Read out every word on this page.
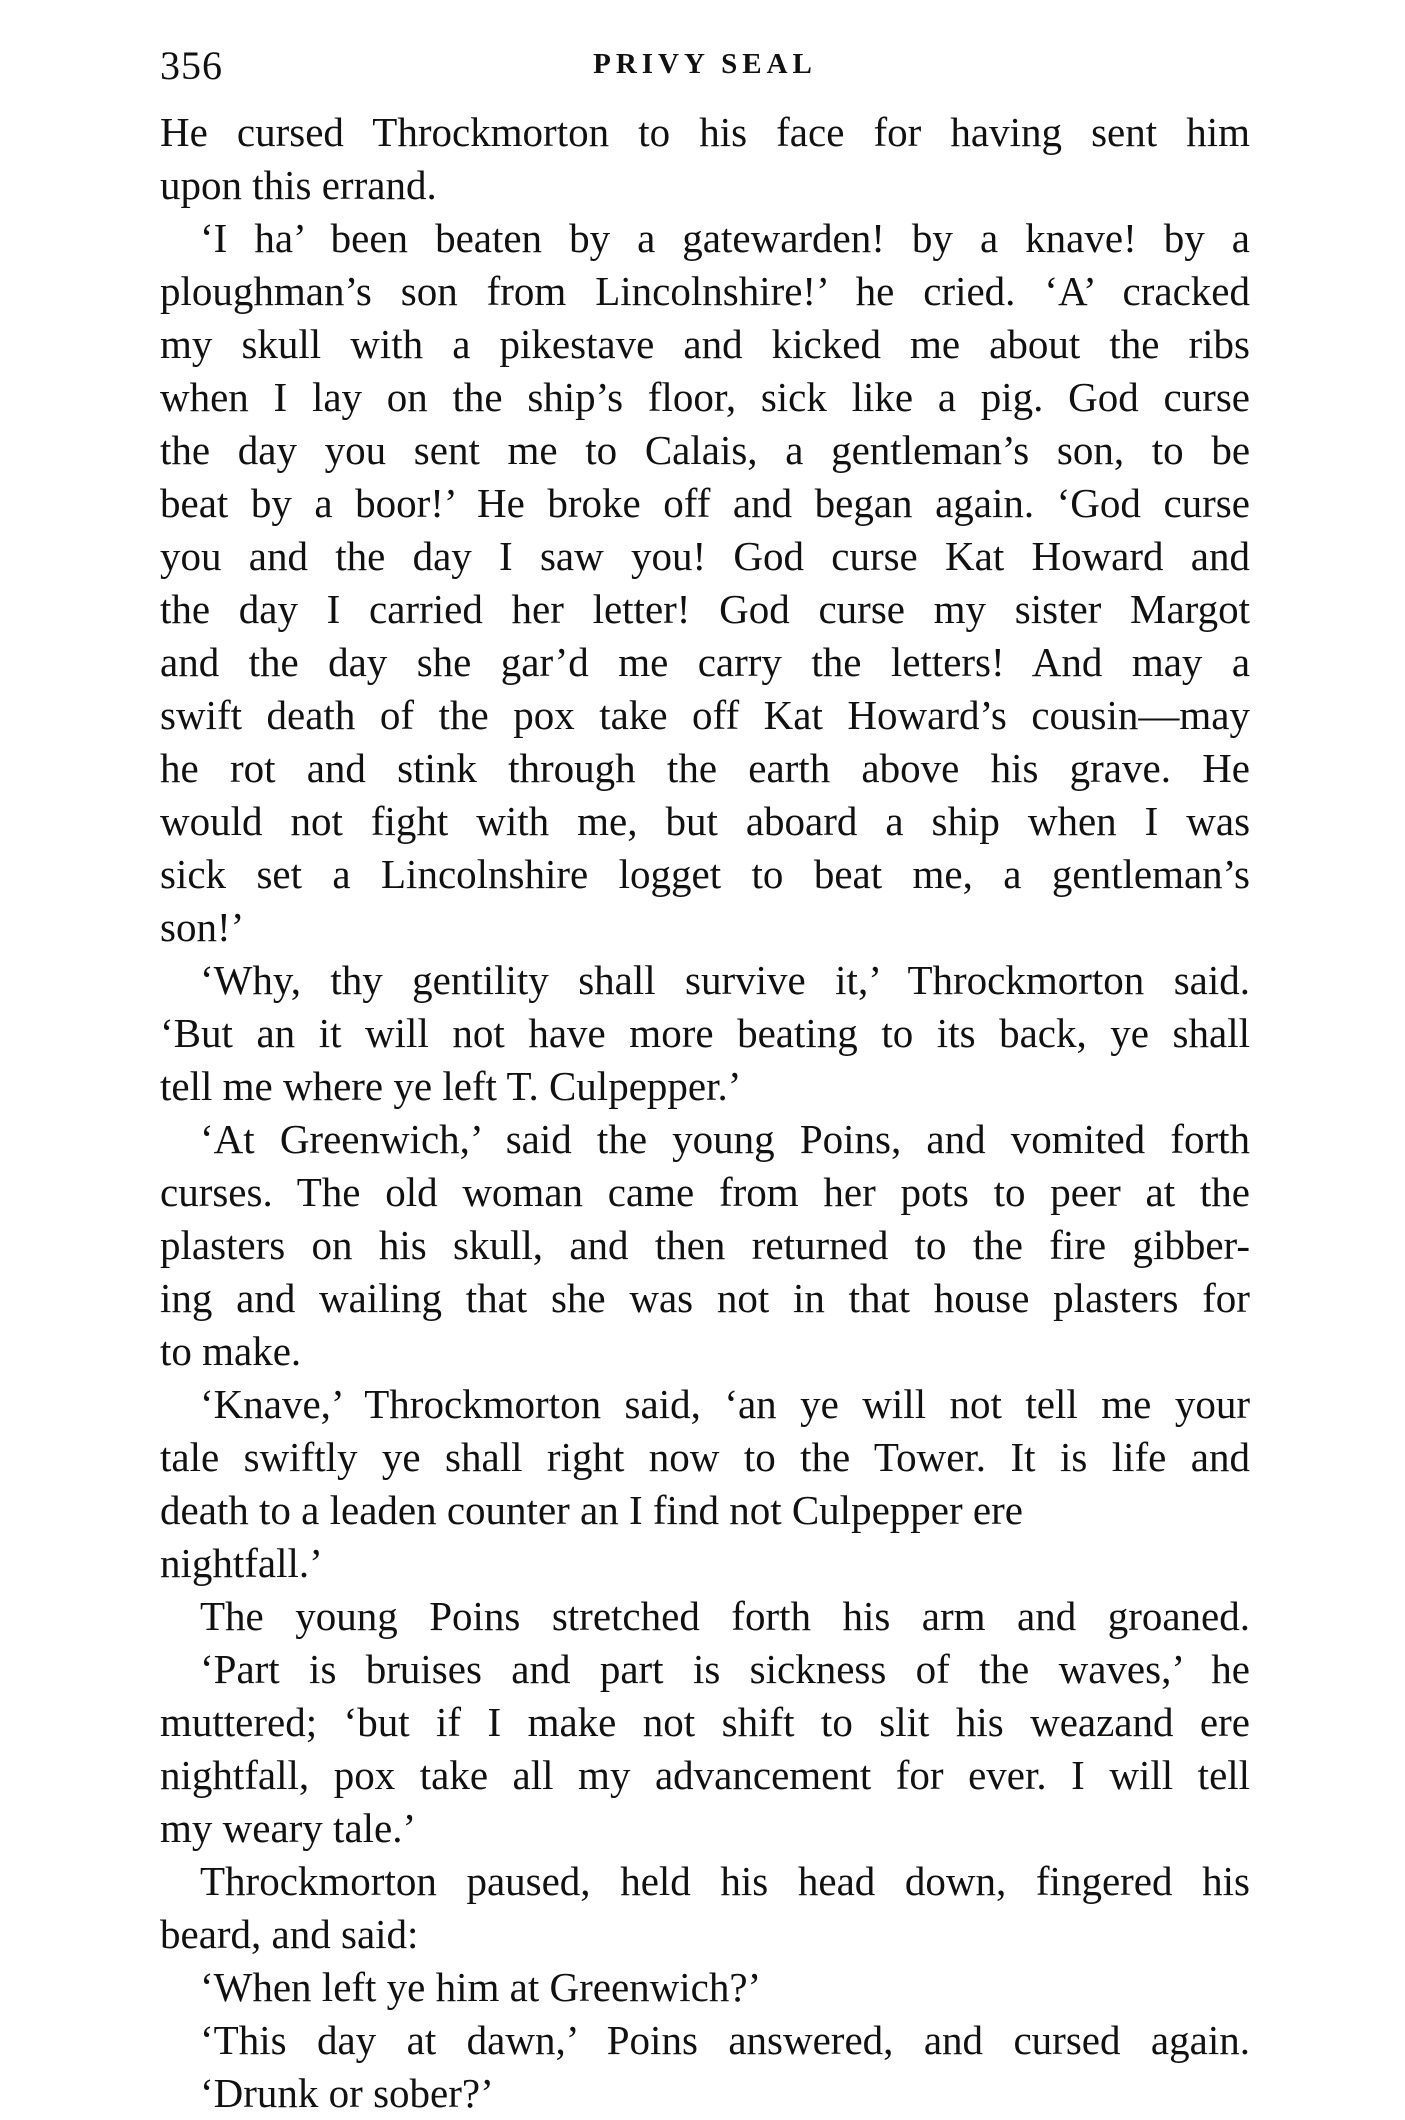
356	PRIVY SEAL

He cursed Throckmorton to his face for having sent him
upon this errand.

‘I ha’ been beaten by a gatewarden! by a knave! by a
ploughman’s son from Lincolnshire!’ he cried. ‘A’ cracked
my skull with a pikestave and kicked me about the ribs
when I lay on the ship’s floor, sick like a pig. God curse
the day you sent me to Calais, a gentleman’s son, to be
beat by a boor!’ He broke off and began again. ‘God curse
you and the day I saw you! God curse Kat Howard and
the day I carried her letter! God curse my sister Margot
and the day she gar’d me carry the letters! And may a
swift death of the pox take off Kat Howard’s cousin—may
he rot and stink through the earth above his grave. He
would not fight with me, but aboard a ship when I was
sick set a Lincolnshire logget to beat me, a gentleman’s
son!’

‘Why, thy gentility shall survive it,’ Throckmorton said.
‘But an it will not have more beating to its back, ye shall
tell me where ye left T. Culpepper.’

‘At Greenwich,’ said the young Poins, and vomited forth
curses. The old woman came from her pots to peer at the
plasters on his skull, and then returned to the fire gibber-
ing and wailing that she was not in that house plasters for
to make.

‘Knave,’ Throckmorton said, ‘an ye will not tell me your
tale swiftly ye shall right now to the Tower. It is life and
death to a leaden counter an I find not Culpepper ere
nightfall.’

The young Poins stretched forth his arm and groaned.

‘Part is bruises and part is sickness of the waves,’ he
muttered; ‘but if I make not shift to slit his weazand ere
nightfall, pox take all my advancement for ever. I will tell
my weary tale.’

Throckmorton paused, held his head down, fingered his
beard, and said:

‘When left ye him at Greenwich?’

‘This day at dawn,’ Poins answered, and cursed again.

‘Drunk or sober?’
